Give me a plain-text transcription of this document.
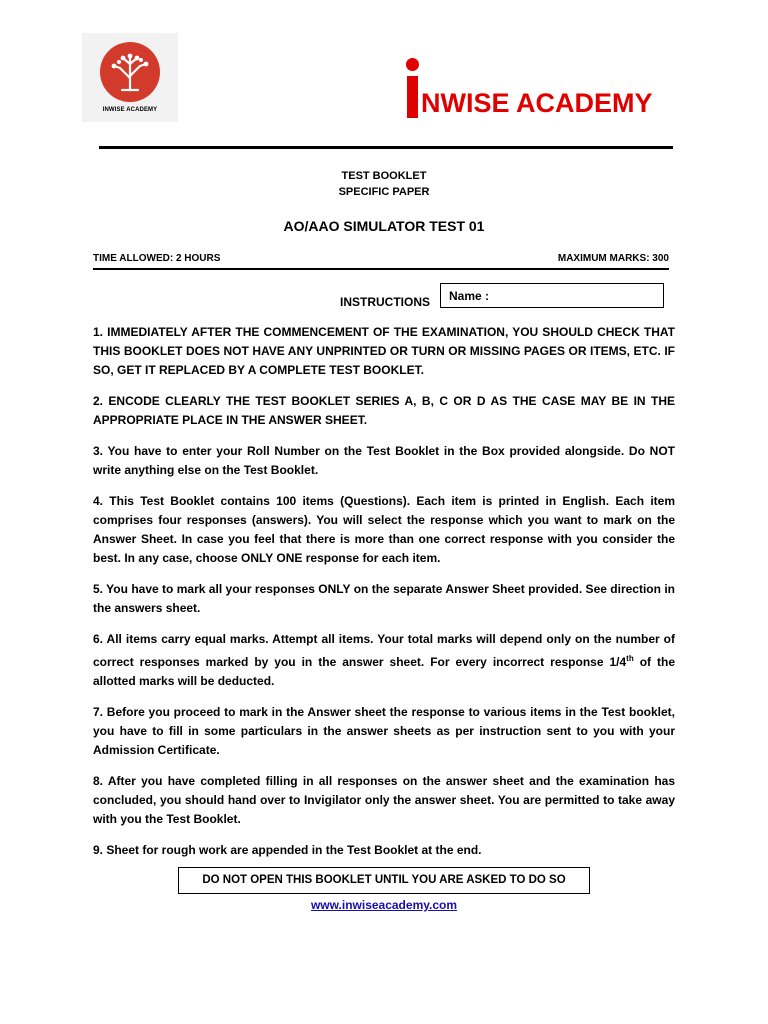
INWISE ACADEMY	NWISE ACADEMY
TEST BOOKLET
SPECIFIC PAPER
AO/AAO SIMULATOR TEST 01
TIME ALLOWED: 2 HOURS	MAXIMUM MARKS: 300
INSTRUCTIONS	Name :

1. IMMEDIATELY AFTER THE COMMENCEMENT OF THE EXAMINATION, YOU SHOULD CHECK THAT THIS BOOKLET DOES NOT HAVE ANY UNPRINTED OR TURN OR MISSING PAGES OR ITEMS, ETC. IF SO, GET IT REPLACED BY A COMPLETE TEST BOOKLET.

2. ENCODE CLEARLY THE TEST BOOKLET SERIES A, B, C OR D AS THE CASE MAY BE IN THE APPROPRIATE PLACE IN THE ANSWER SHEET.

3. You have to enter your Roll Number on the Test Booklet in the Box provided alongside. Do NOT write anything else on the Test Booklet.

4. This Test Booklet contains 100 items (Questions). Each item is printed in English. Each item comprises four responses (answers). You will select the response which you want to mark on the Answer Sheet. In case you feel that there is more than one correct response with you consider the best. In any case, choose ONLY ONE response for each item.

5. You have to mark all your responses ONLY on the separate Answer Sheet provided. See direction in the answers sheet.

6. All items carry equal marks. Attempt all items. Your total marks will depend only on the number of correct responses marked by you in the answer sheet. For every incorrect response 1/4th of the allotted marks will be deducted.

7. Before you proceed to mark in the Answer sheet the response to various items in the Test booklet, you have to fill in some particulars in the answer sheets as per instruction sent to you with your Admission Certificate.

8. After you have completed filling in all responses on the answer sheet and the examination has concluded, you should hand over to Invigilator only the answer sheet. You are permitted to take away with you the Test Booklet.

9. Sheet for rough work are appended in the Test Booklet at the end.

DO NOT OPEN THIS BOOKLET UNTIL YOU ARE ASKED TO DO SO
www.inwiseacademy.com
